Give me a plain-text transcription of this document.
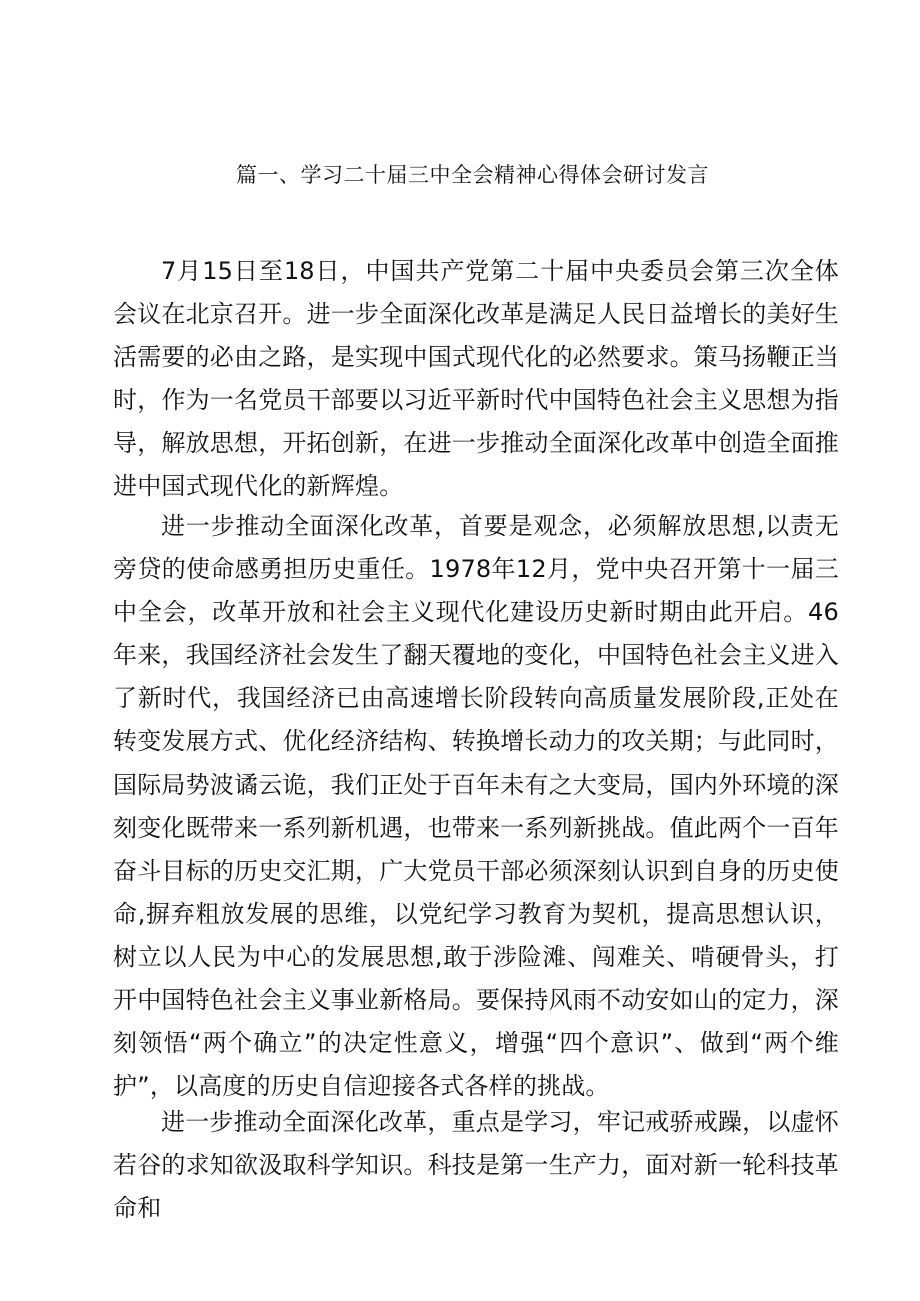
篇一、学习二十届三中全会精神心得体会研讨发言

7月15日至18日，中国共产党第二十届中央委员会第三次全体会议在北京召开。进一步全面深化改革是满足人民日益增长的美好生活需要的必由之路，是实现中国式现代化的必然要求。策马扬鞭正当时，作为一名党员干部要以习近平新时代中国特色社会主义思想为指导，解放思想，开拓创新，在进一步推动全面深化改革中创造全面推进中国式现代化的新辉煌。

进一步推动全面深化改革，首要是观念，必须解放思想,以责无旁贷的使命感勇担历史重任。1978年12月，党中央召开第十一届三中全会，改革开放和社会主义现代化建设历史新时期由此开启。46年来，我国经济社会发生了翻天覆地的变化，中国特色社会主义进入了新时代，我国经济已由高速增长阶段转向高质量发展阶段,正处在转变发展方式、优化经济结构、转换增长动力的攻关期；与此同时，国际局势波谲云诡，我们正处于百年未有之大变局，国内外环境的深刻变化既带来一系列新机遇，也带来一系列新挑战。值此两个一百年奋斗目标的历史交汇期，广大党员干部必须深刻认识到自身的历史使命,摒弃粗放发展的思维，以党纪学习教育为契机，提高思想认识，树立以人民为中心的发展思想,敢于涉险滩、闯难关、啃硬骨头，打开中国特色社会主义事业新格局。要保持风雨不动安如山的定力，深刻领悟“两个确立”的决定性意义，增强“四个意识”、做到“两个维护”，以高度的历史自信迎接各式各样的挑战。

进一步推动全面深化改革，重点是学习，牢记戒骄戒躁，以虚怀若谷的求知欲汲取科学知识。科技是第一生产力，面对新一轮科技革命和
